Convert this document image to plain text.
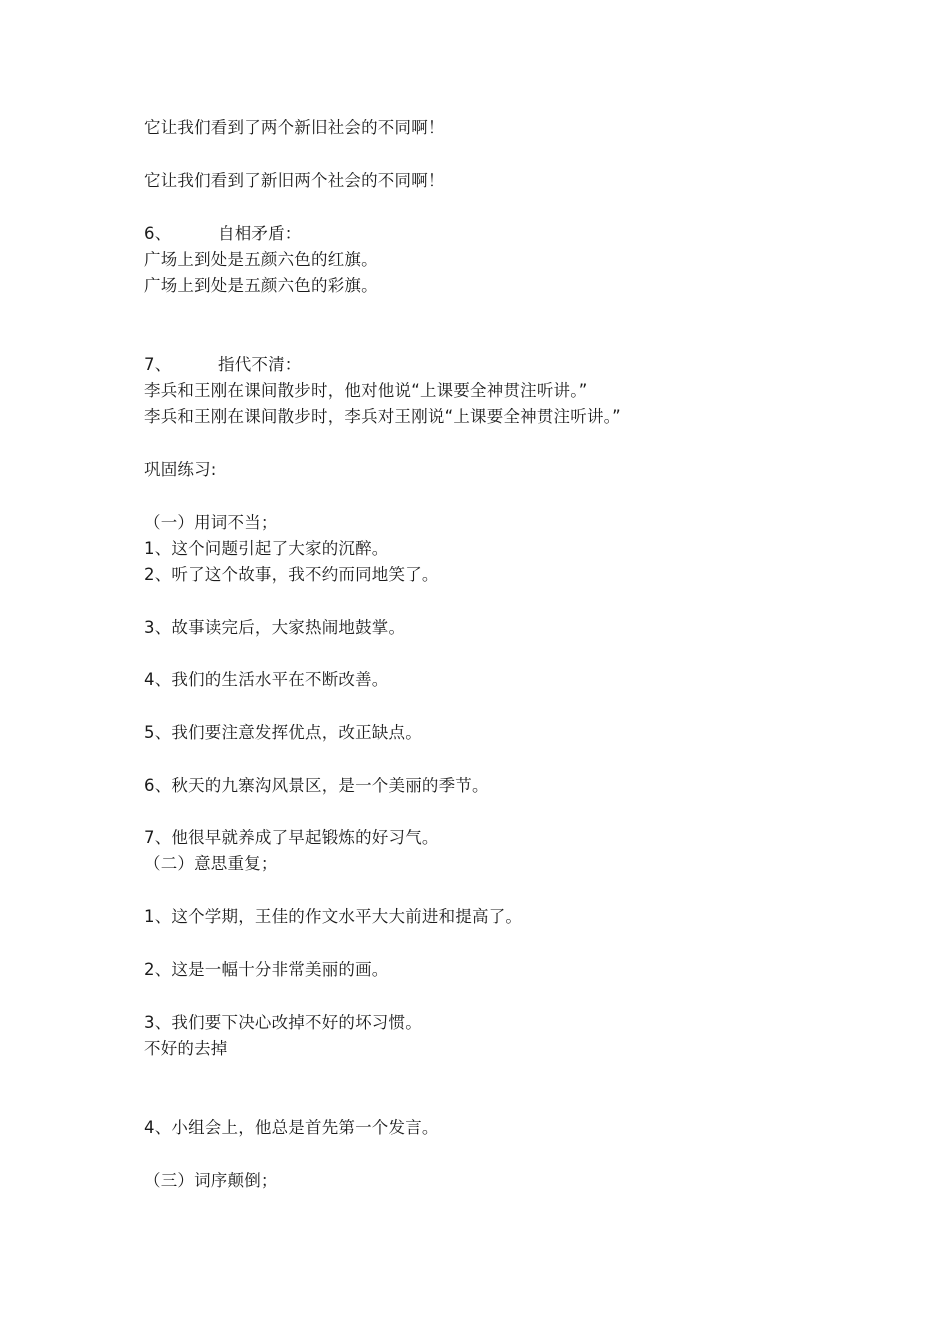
它让我们看到了两个新旧社会的不同啊！
它让我们看到了新旧两个社会的不同啊！
6、	自相矛盾：
广场上到处是五颜六色的红旗。
广场上到处是五颜六色的彩旗。
7、	指代不清：
李兵和王刚在课间散步时，他对他说“上课要全神贯注听讲。”
李兵和王刚在课间散步时，李兵对王刚说“上课要全神贯注听讲。”
巩固练习:
（一）用词不当；
1、这个问题引起了大家的沉醉。
2、听了这个故事，我不约而同地笑了。
3、故事读完后，大家热闹地鼓掌。
4、我们的生活水平在不断改善。
5、我们要注意发挥优点，改正缺点。
6、秋天的九寨沟风景区，是一个美丽的季节。
7、他很早就养成了早起锻炼的好习气。
（二）意思重复；
1、这个学期，王佳的作文水平大大前进和提高了。
2、这是一幅十分非常美丽的画。
3、我们要下决心改掉不好的坏习惯。
不好的去掉
4、小组会上，他总是首先第一个发言。
（三）词序颠倒；
